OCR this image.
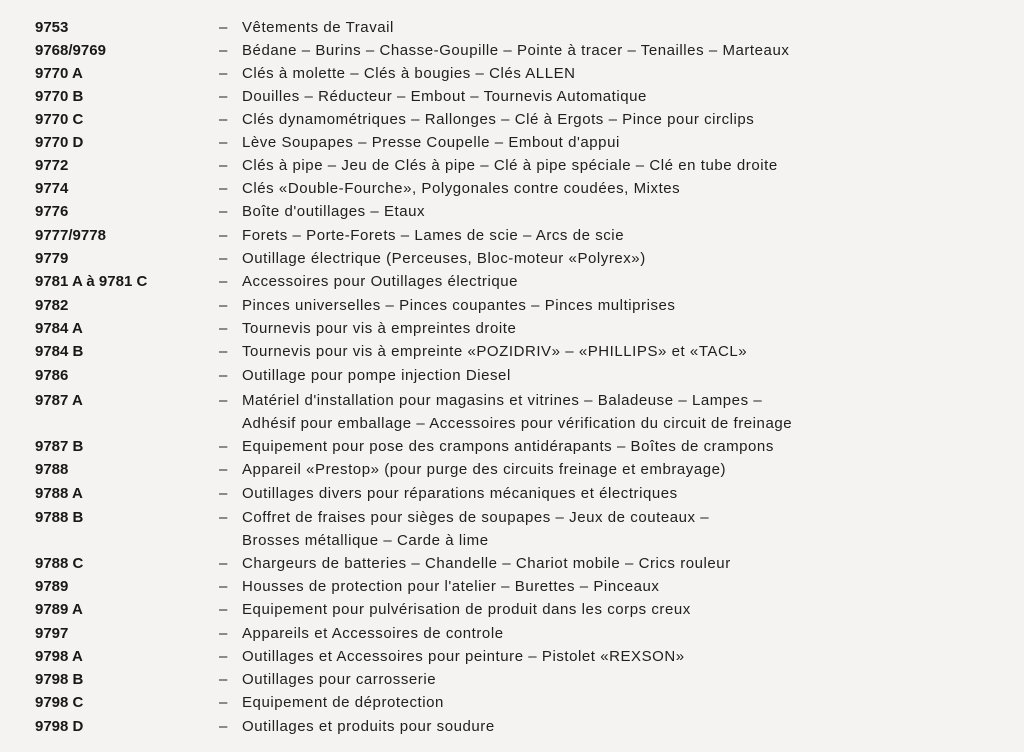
9753	– Vêtements de Travail
9768/9769	– Bédane – Burins – Chasse-Goupille – Pointe à tracer – Tenailles – Marteaux
9770 A	– Clés à molette – Clés à bougies – Clés ALLEN
9770 B	– Douilles – Réducteur – Embout – Tournevis Automatique
9770 C	– Clés dynamométriques – Rallonges – Clé à Ergots – Pince pour circlips
9770 D	– Lève Soupapes – Presse Coupelle – Embout d'appui
9772	– Clés à pipe – Jeu de Clés à pipe – Clé à pipe spéciale – Clé en tube droite
9774	– Clés «Double-Fourche», Polygonales contre coudées, Mixtes
9776	– Boîte d'outillages – Etaux
9777/9778	– Forets – Porte-Forets – Lames de scie – Arcs de scie
9779	– Outillage électrique (Perceuses, Bloc-moteur «Polyrex»)
9781 A à 9781 C	– Accessoires pour Outillages électrique
9782	– Pinces universelles – Pinces coupantes – Pinces multiprises
9784 A	– Tournevis pour vis à empreintes droite
9784 B	– Tournevis pour vis à empreinte «POZIDRIV» – «PHILLIPS» et «TACL»
9786	– Outillage pour pompe injection Diesel
9787 A	– Matériel d'installation pour magasins et vitrines – Baladeuse – Lampes –
Adhésif pour emballage – Accessoires pour vérification du circuit de freinage
9787 B	– Equipement pour pose des crampons antidérapants – Boîtes de crampons
9788	– Appareil «Prestop» (pour purge des circuits freinage et embrayage)
9788 A	– Outillages divers pour réparations mécaniques et électriques
9788 B	– Coffret de fraises pour sièges de soupapes – Jeux de couteaux –
Brosses métallique – Carde à lime
9788 C	– Chargeurs de batteries – Chandelle – Chariot mobile – Crics rouleur
9789	– Housses de protection pour l'atelier – Burettes – Pinceaux
9789 A	– Equipement pour pulvérisation de produit dans les corps creux
9797	– Appareils et Accessoires de controle
9798 A	– Outillages et Accessoires pour peinture – Pistolet «REXSON»
9798 B	– Outillages pour carrosserie
9798 C	– Equipement de déprotection
9798 D	– Outillages et produits pour soudure
